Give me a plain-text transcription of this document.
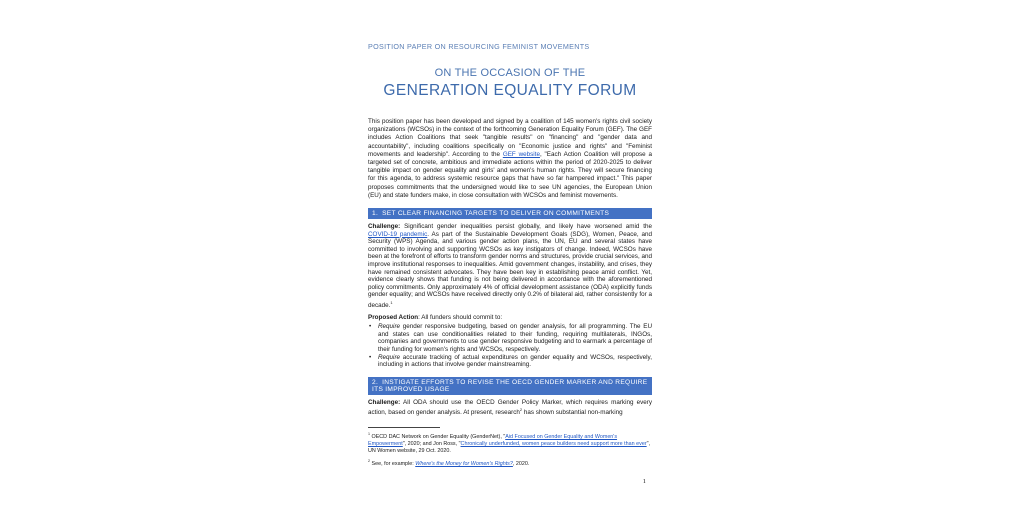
POSITION PAPER ON RESOURCING FEMINIST MOVEMENTS
ON THE OCCASION OF THE
GENERATION EQUALITY FORUM
This position paper has been developed and signed by a coalition of 145 women's rights civil society organizations (WCSOs) in the context of the forthcoming Generation Equality Forum (GEF). The GEF includes Action Coalitions that seek "tangible results" on "financing" and "gender data and accountability", including coalitions specifically on "Economic justice and rights" and "Feminist movements and leadership". According to the GEF website, "Each Action Coalition will propose a targeted set of concrete, ambitious and immediate actions within the period of 2020-2025 to deliver tangible impact on gender equality and girls' and women's human rights. They will secure financing for this agenda, to address systemic resource gaps that have so far hampered impact." This paper proposes commitments that the undersigned would like to see UN agencies, the European Union (EU) and state funders make, in close consultation with WCSOs and feminist movements.
1. SET CLEAR FINANCING TARGETS TO DELIVER ON COMMITMENTS
Challenge: Significant gender inequalities persist globally, and likely have worsened amid the COVID-19 pandemic. As part of the Sustainable Development Goals (SDG), Women, Peace, and Security (WPS) Agenda, and various gender action plans, the UN, EU and several states have committed to involving and supporting WCSOs as key instigators of change. Indeed, WCSOs have been at the forefront of efforts to transform gender norms and structures, provide crucial services, and improve institutional responses to inequalities. Amid government changes, instability, and crises, they have remained consistent advocates. They have been key in establishing peace amid conflict. Yet, evidence clearly shows that funding is not being delivered in accordance with the aforementioned policy commitments. Only approximately 4% of official development assistance (ODA) explicitly funds gender equality; and WCSOs have received directly only 0.2% of bilateral aid, rather consistently for a decade.$^1$
Proposed Action: All funders should commit to:
• Require gender responsive budgeting, based on gender analysis, for all programming. The EU and states can use conditionalities related to their funding, requiring multilaterals, INGOs, companies and governments to use gender responsive budgeting and to earmark a percentage of their funding for women's rights and WCSOs, respectively.
• Require accurate tracking of actual expenditures on gender equality and WCSOs, respectively, including in actions that involve gender mainstreaming.
2. INSTIGATE EFFORTS TO REVISE THE OECD GENDER MARKER AND REQUIRE ITS IMPROVED USAGE
Challenge: All ODA should use the OECD Gender Policy Marker, which requires marking every action, based on gender analysis. At present, research$^2$ has shown substantial non-marking
$^1$ OECD DAC Network on Gender Equality (GenderNet), "Aid Focused on Gender Equality and Women's Empowerment", 2020; and Jon Ross, "Chronically underfunded, women peace builders need support more than ever", UN Women website, 29 Oct. 2020.
$^2$ See, for example: Where's the Money for Women's Rights?, 2020.
1
